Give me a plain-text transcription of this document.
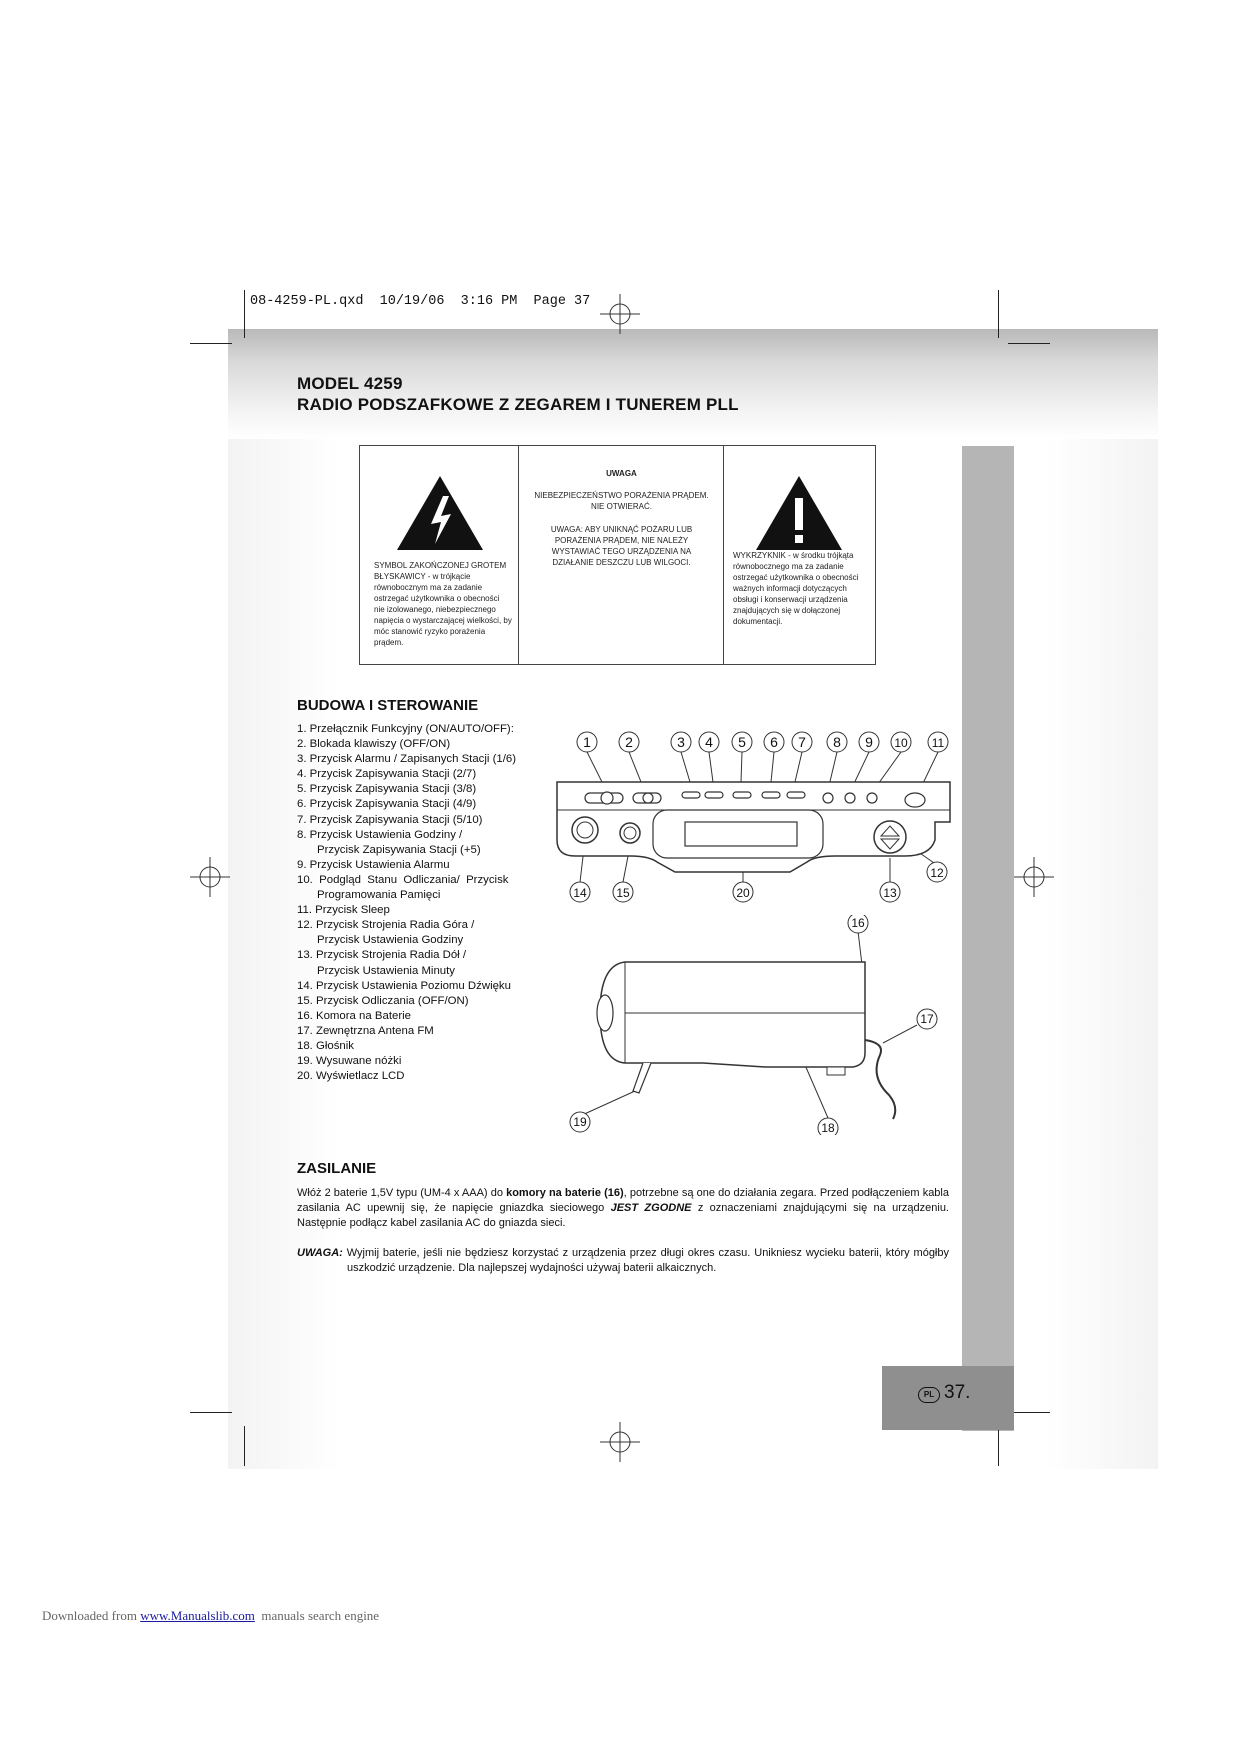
08-4259-PL.qxd  10/19/06  3:16 PM  Page 37
MODEL 4259
RADIO PODSZAFKOWE Z ZEGAREM I TUNEREM PLL
SYMBOL ZAKOŃCZONEJ GROTEM BŁYSKAWICY - w trójkącie równobocznym ma za zadanie ostrzegać użytkownika o obecności nie izolowanego, niebezpiecznego napięcia o wystarczającej wielkości, by móc stanowić ryzyko porażenia prądem.
UWAGA
NIEBEZPIECZEŃSTWO PORAŻENIA PRĄDEM.
NIE OTWIERAĆ.
UWAGA: ABY UNIKNĄĆ POŻARU LUB PORAŻENIA PRĄDEM, NIE NALEŻY WYSTAWIAĆ TEGO URZĄDZENIA NA DZIAŁANIE DESZCZU LUB WILGOCI.
WYKRZYKNIK - w środku trójkąta równobocznego ma za zadanie ostrzegać użytkownika o obecności ważnych informacji dotyczących obsługi i konserwacji urządzenia znajdujących się w dołączonej dokumentacji.
BUDOWA I STEROWANIE
1. Przełącznik Funkcyjny (ON/AUTO/OFF):
2. Blokada klawiszy (OFF/ON)
3. Przycisk Alarmu / Zapisanych Stacji (1/6)
4. Przycisk Zapisywania Stacji (2/7)
5. Przycisk Zapisywania Stacji (3/8)
6. Przycisk Zapisywania Stacji (4/9)
7. Przycisk Zapisywania Stacji (5/10)
8. Przycisk Ustawienia Godziny /
Przycisk Zapisywania Stacji (+5)
9. Przycisk Ustawienia Alarmu
10.  Podgląd  Stanu  Odliczania/  Przycisk
Programowania Pamięci
11. Przycisk Sleep
12. Przycisk Strojenia Radia Góra /
Przycisk Ustawienia Godziny
13. Przycisk Strojenia Radia Dół /
Przycisk Ustawienia Minuty
14. Przycisk Ustawienia Poziomu Dźwięku
15. Przycisk Odliczania (OFF/ON)
16. Komora na Baterie
17. Zewnętrzna Antena FM
18. Głośnik
19. Wysuwane nóżki
20. Wyświetlacz LCD
1 2	3 4 5 6 7 8 9 10 11
12
13
14 15	20
16
17
18
19
ZASILANIE
Włóż 2 baterie 1,5V typu (UM-4 x AAA) do komory na baterie (16), potrzebne są one do działania zegara. Przed podłączeniem kabla zasilania AC upewnij się, że napięcie gniazdka sieciowego JEST ZGODNE z oznaczeniami znajdującymi się na urządzeniu. Następnie podłącz kabel zasilania AC do gniazda sieci.
UWAGA: Wyjmij baterie, jeśli nie będziesz korzystać z urządzenia przez długi okres czasu. Unikniesz wycieku baterii, który mógłby uszkodzić urządzenie. Dla najlepszej wydajności używaj baterii alkaicznych.
PL 37.
Downloaded from www.Manualslib.com  manuals search engine
